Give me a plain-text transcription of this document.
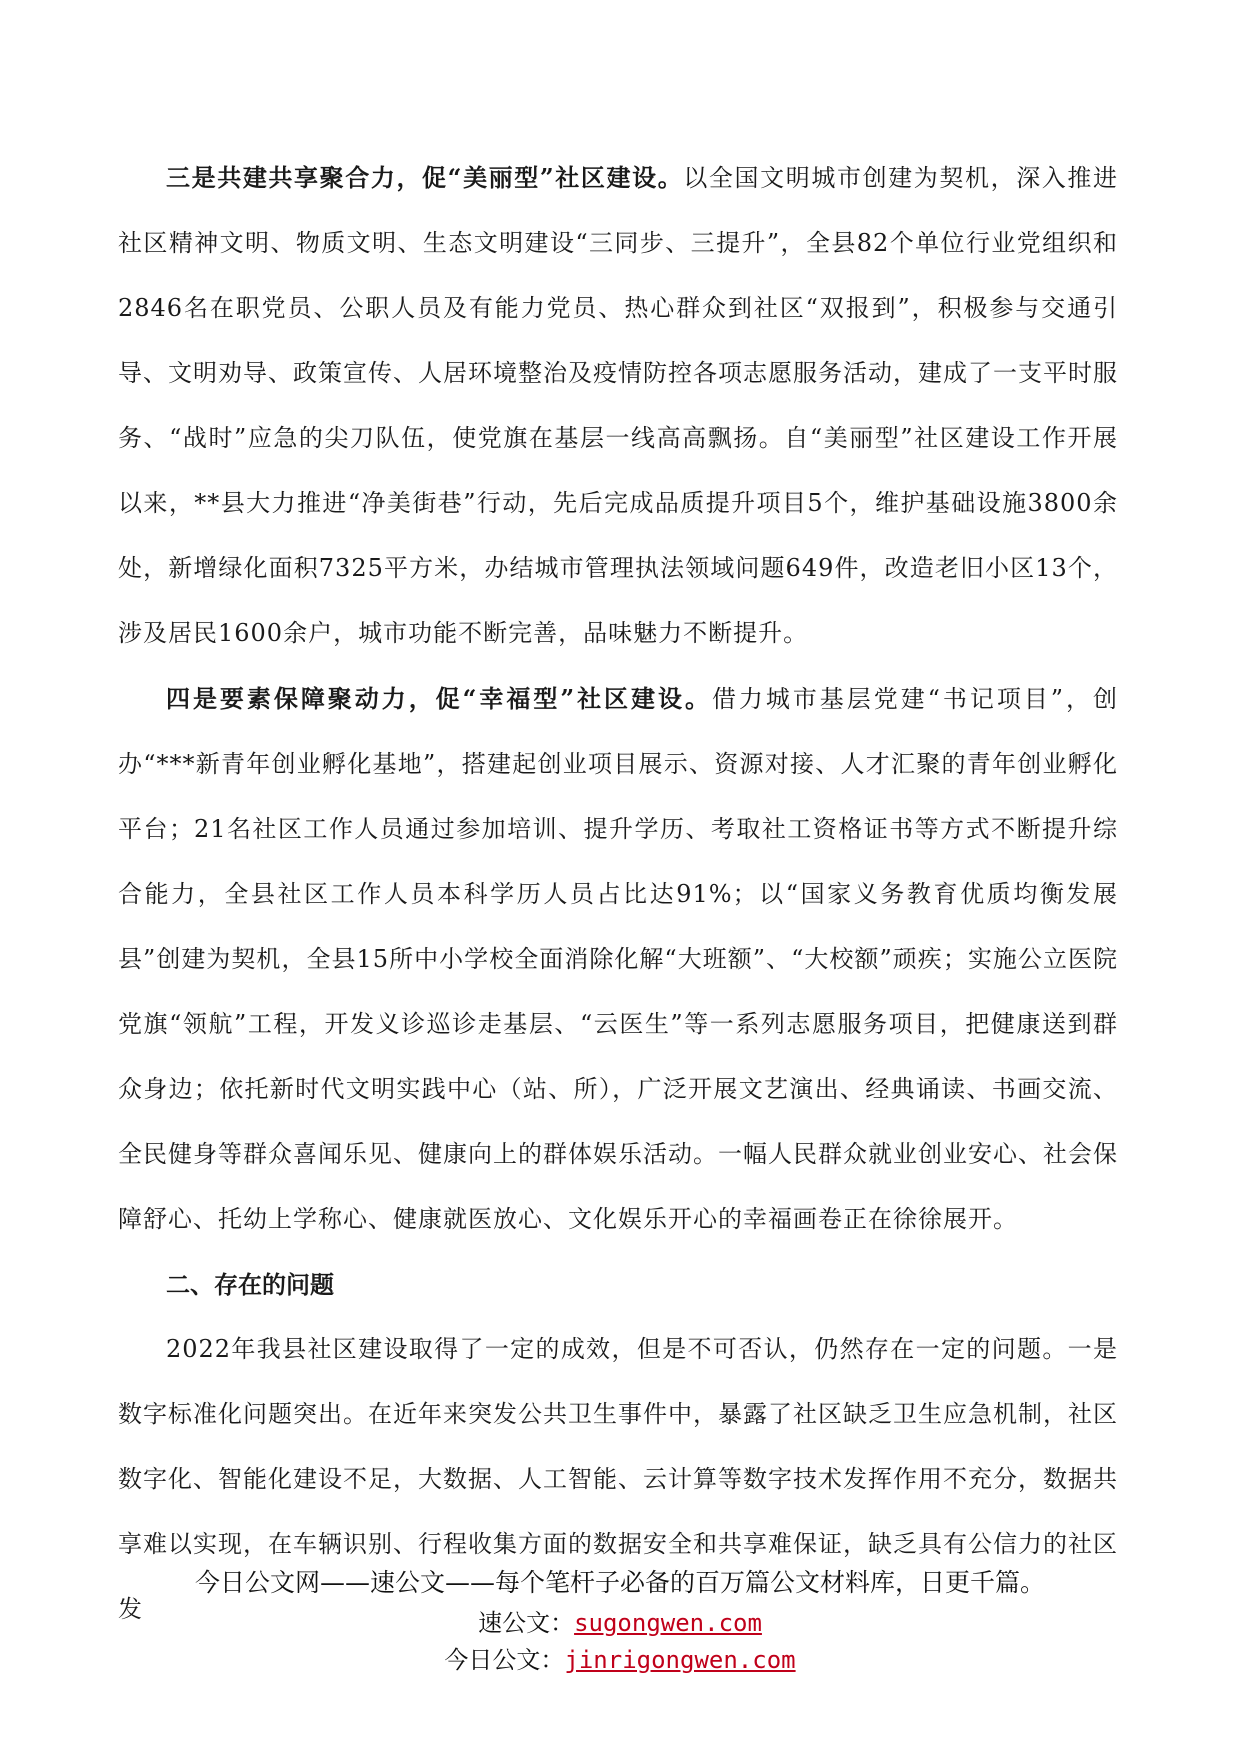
三是共建共享聚合力，促“美丽型”社区建设。以全国文明城市创建为契机，深入推进社区精神文明、物质文明、生态文明建设“三同步、三提升”，全县82个单位行业党组织和2846名在职党员、公职人员及有能力党员、热心群众到社区“双报到”，积极参与交通引导、文明劝导、政策宣传、人居环境整治及疫情防控各项志愿服务活动，建成了一支平时服务、“战时”应急的尖刀队伍，使党旗在基层一线高高飘扬。自“美丽型”社区建设工作开展以来，**县大力推进“净美街巷”行动，先后完成品质提升项目5个，维护基础设施3800余处，新增绿化面积7325平方米，办结城市管理执法领域问题649件，改造老旧小区13个，涉及居民1600余户，城市功能不断完善，品味魅力不断提升。

四是要素保障聚动力，促“幸福型”社区建设。借力城市基层党建“书记项目”，创办“***新青年创业孵化基地”，搭建起创业项目展示、资源对接、人才汇聚的青年创业孵化平台；21名社区工作人员通过参加培训、提升学历、考取社工资格证书等方式不断提升综合能力，全县社区工作人员本科学历人员占比达91%；以“国家义务教育优质均衡发展县”创建为契机，全县15所中小学校全面消除化解“大班额”、“大校额”顽疾；实施公立医院党旗“领航”工程，开发义诊巡诊走基层、“云医生”等一系列志愿服务项目，把健康送到群众身边；依托新时代文明实践中心（站、所），广泛开展文艺演出、经典诵读、书画交流、全民健身等群众喜闻乐见、健康向上的群体娱乐活动。一幅人民群众就业创业安心、社会保障舒心、托幼上学称心、健康就医放心、文化娱乐开心的幸福画卷正在徐徐展开。

二、存在的问题

2022年我县社区建设取得了一定的成效，但是不可否认，仍然存在一定的问题。一是数字标准化问题突出。在近年来突发公共卫生事件中，暴露了社区缺乏卫生应急机制，社区数字化、智能化建设不足，大数据、人工智能、云计算等数字技术发挥作用不充分，数据共享难以实现，在车辆识别、行程收集方面的数据安全和共享难保证，缺乏具有公信力的社区发

今日公文网——速公文——每个笔杆子必备的百万篇公文材料库，日更千篇。
速公文：sugongwen.com
今日公文：jinrigongwen.com
